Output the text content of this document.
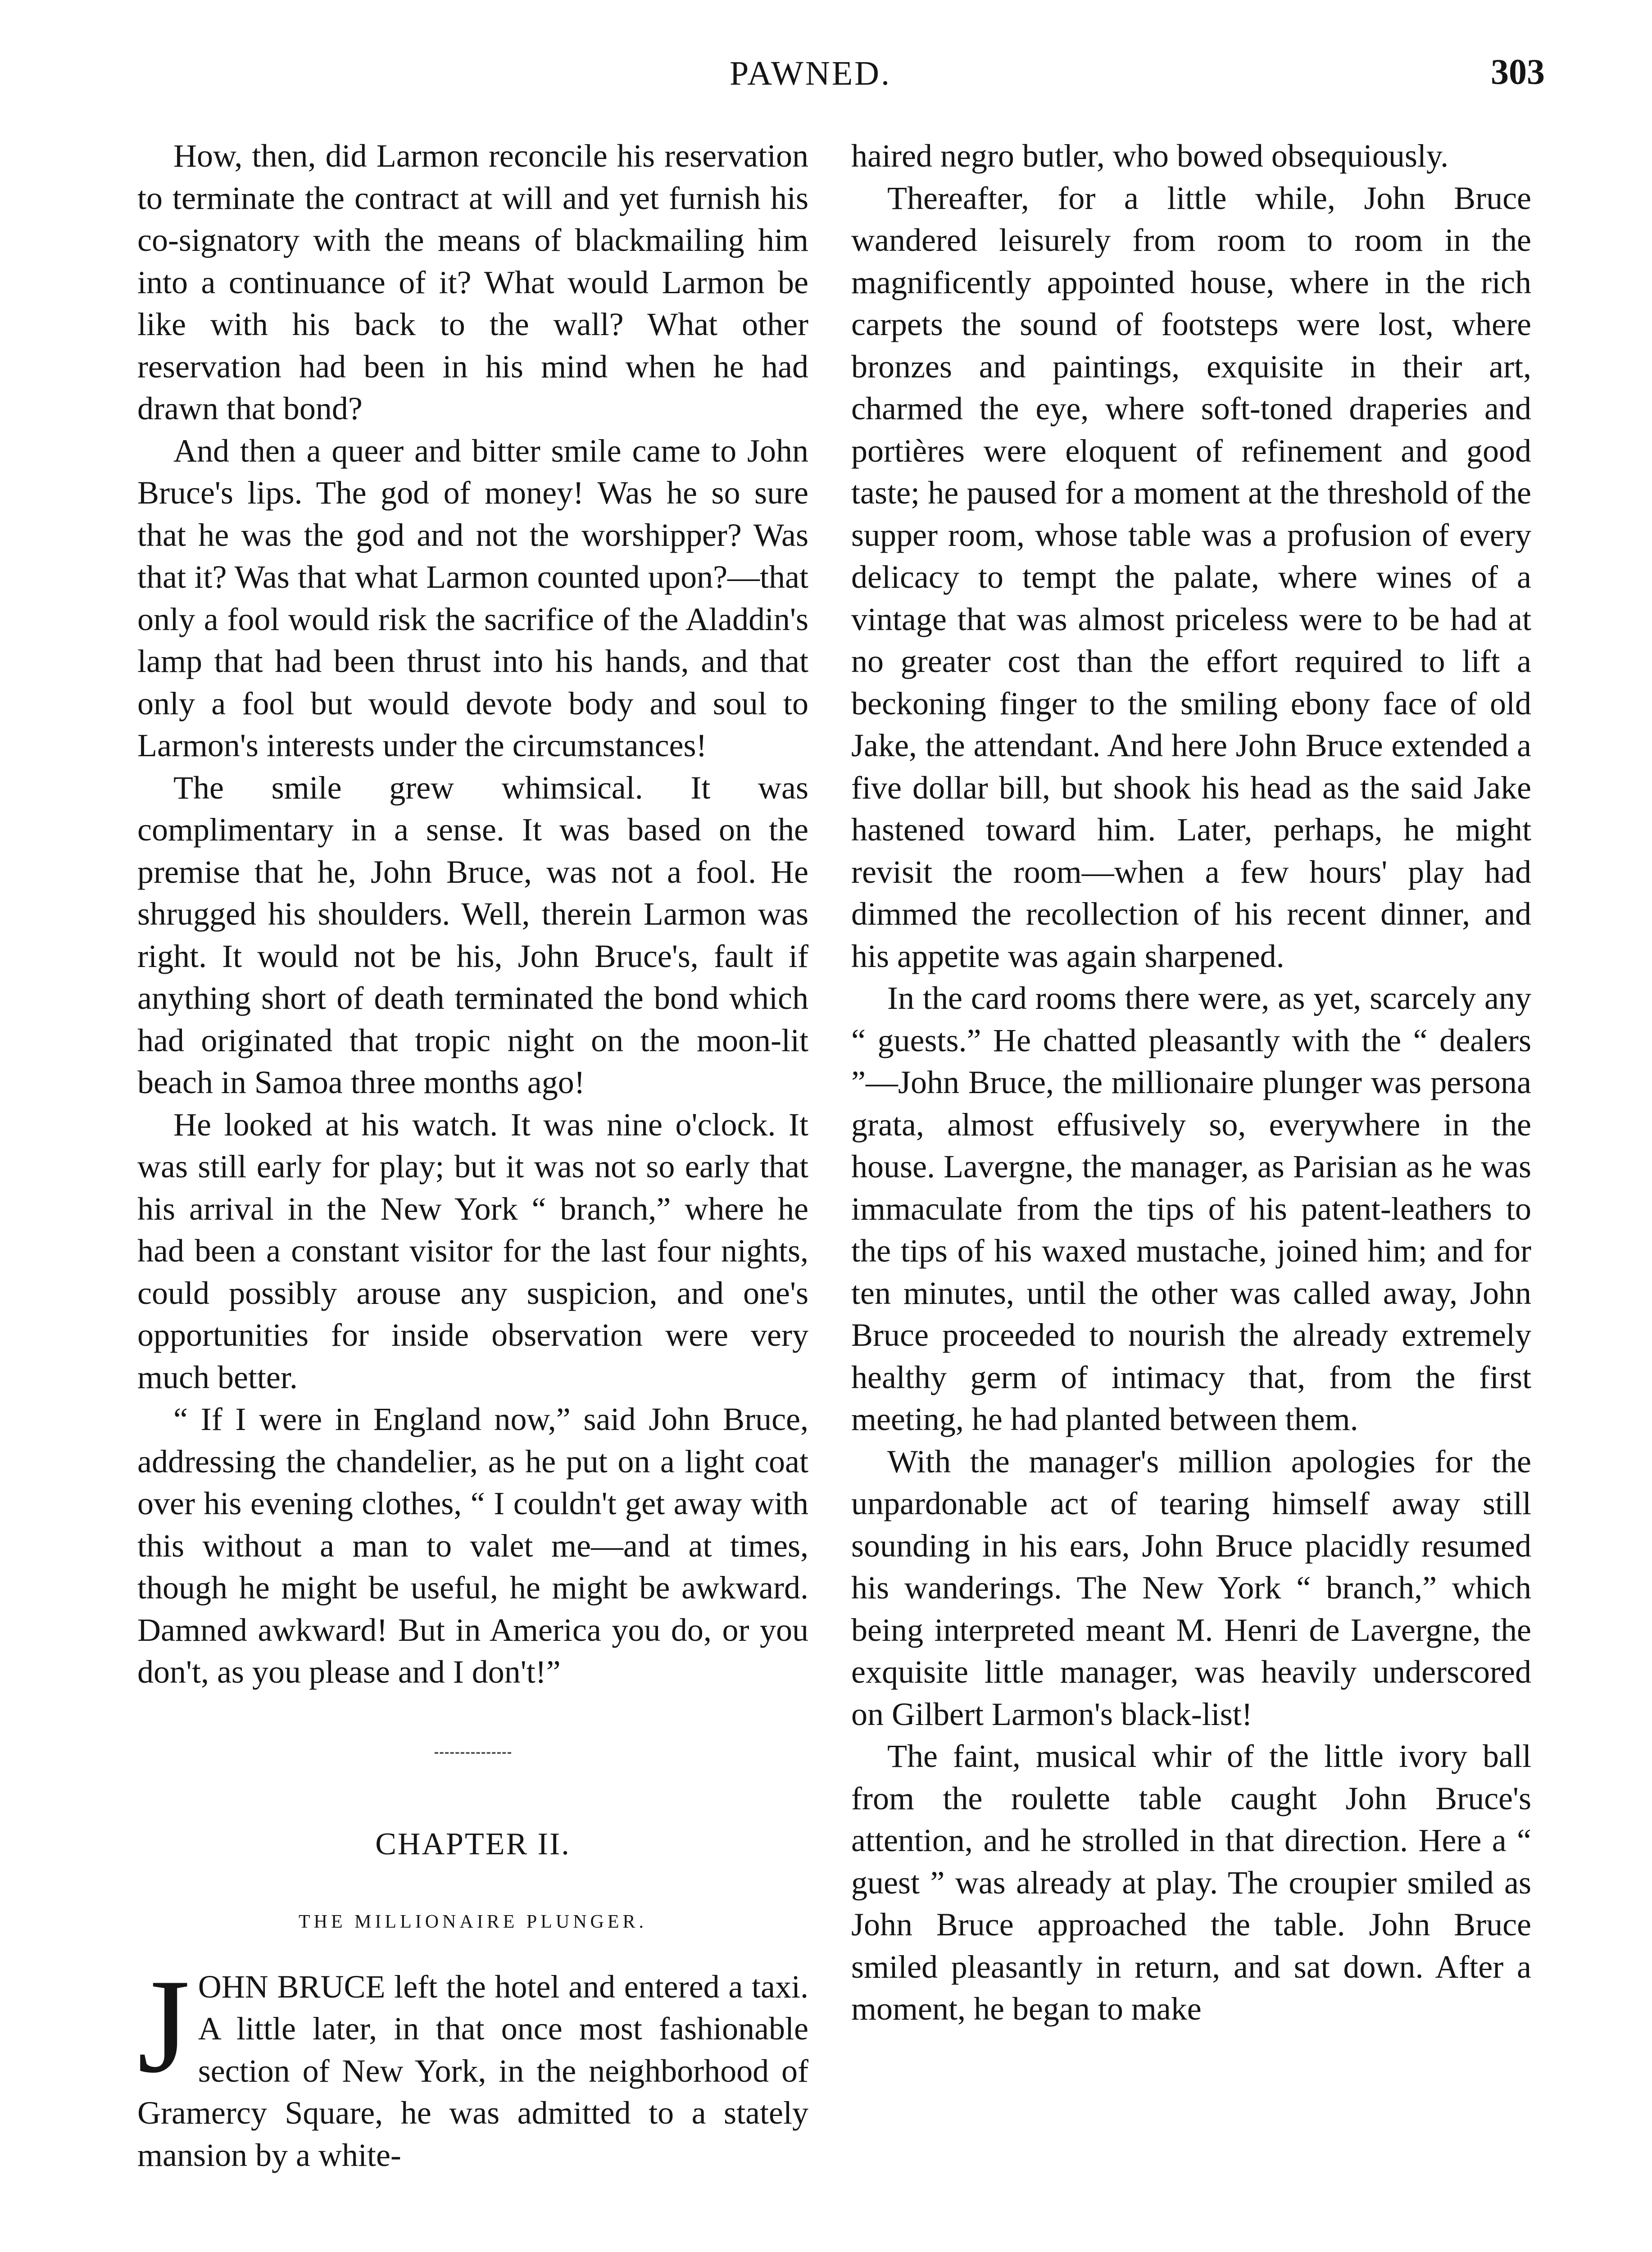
PAWNED.	303

How, then, did Larmon reconcile his reservation to terminate the contract at will and yet furnish his co-signatory with the means of blackmailing him into a continuance of it? What would Larmon be like with his back to the wall? What other reservation had been in his mind when he had drawn that bond?

And then a queer and bitter smile came to John Bruce's lips. The god of money! Was he so sure that he was the god and not the worshipper? Was that it? Was that what Larmon counted upon?—that only a fool would risk the sacrifice of the Aladdin's lamp that had been thrust into his hands, and that only a fool but would devote body and soul to Larmon's interests under the circumstances!

The smile grew whimsical. It was complimentary in a sense. It was based on the premise that he, John Bruce, was not a fool. He shrugged his shoulders. Well, therein Larmon was right. It would not be his, John Bruce's, fault if anything short of death terminated the bond which had originated that tropic night on the moon-lit beach in Samoa three months ago!

He looked at his watch. It was nine o'clock. It was still early for play; but it was not so early that his arrival in the New York “ branch,” where he had been a constant visitor for the last four nights, could possibly arouse any suspicion, and one's opportunities for inside observation were very much better.

“ If I were in England now,” said John Bruce, addressing the chandelier, as he put on a light coat over his evening clothes, “ I couldn't get away with this without a man to valet me—and at times, though he might be useful, he might be awkward. Damned awkward! But in America you do, or you don't, as you please and I don't!”

CHAPTER II.
THE MILLIONAIRE PLUNGER.

JOHN BRUCE left the hotel and entered a taxi. A little later, in that once most fashionable section of New York, in the neighborhood of Gramercy Square, he was admitted to a stately mansion by a white-

haired negro butler, who bowed obsequiously.

Thereafter, for a little while, John Bruce wandered leisurely from room to room in the magnificently appointed house, where in the rich carpets the sound of footsteps were lost, where bronzes and paintings, exquisite in their art, charmed the eye, where soft-toned draperies and portières were eloquent of refinement and good taste; he paused for a moment at the threshold of the supper room, whose table was a profusion of every delicacy to tempt the palate, where wines of a vintage that was almost priceless were to be had at no greater cost than the effort required to lift a beckoning finger to the smiling ebony face of old Jake, the attendant. And here John Bruce extended a five dollar bill, but shook his head as the said Jake hastened toward him. Later, perhaps, he might revisit the room—when a few hours' play had dimmed the recollection of his recent dinner, and his appetite was again sharpened.

In the card rooms there were, as yet, scarcely any “ guests.” He chatted pleasantly with the “ dealers ”—John Bruce, the millionaire plunger was persona grata, almost effusively so, everywhere in the house. Lavergne, the manager, as Parisian as he was immaculate from the tips of his patent-leathers to the tips of his waxed mustache, joined him; and for ten minutes, until the other was called away, John Bruce proceeded to nourish the already extremely healthy germ of intimacy that, from the first meeting, he had planted between them.

With the manager's million apologies for the unpardonable act of tearing himself away still sounding in his ears, John Bruce placidly resumed his wanderings. The New York “ branch,” which being interpreted meant M. Henri de Lavergne, the exquisite little manager, was heavily underscored on Gilbert Larmon's black-list!

The faint, musical whir of the little ivory ball from the roulette table caught John Bruce's attention, and he strolled in that direction. Here a “ guest ” was already at play. The croupier smiled as John Bruce approached the table. John Bruce smiled pleasantly in return, and sat down. After a moment, he began to make
